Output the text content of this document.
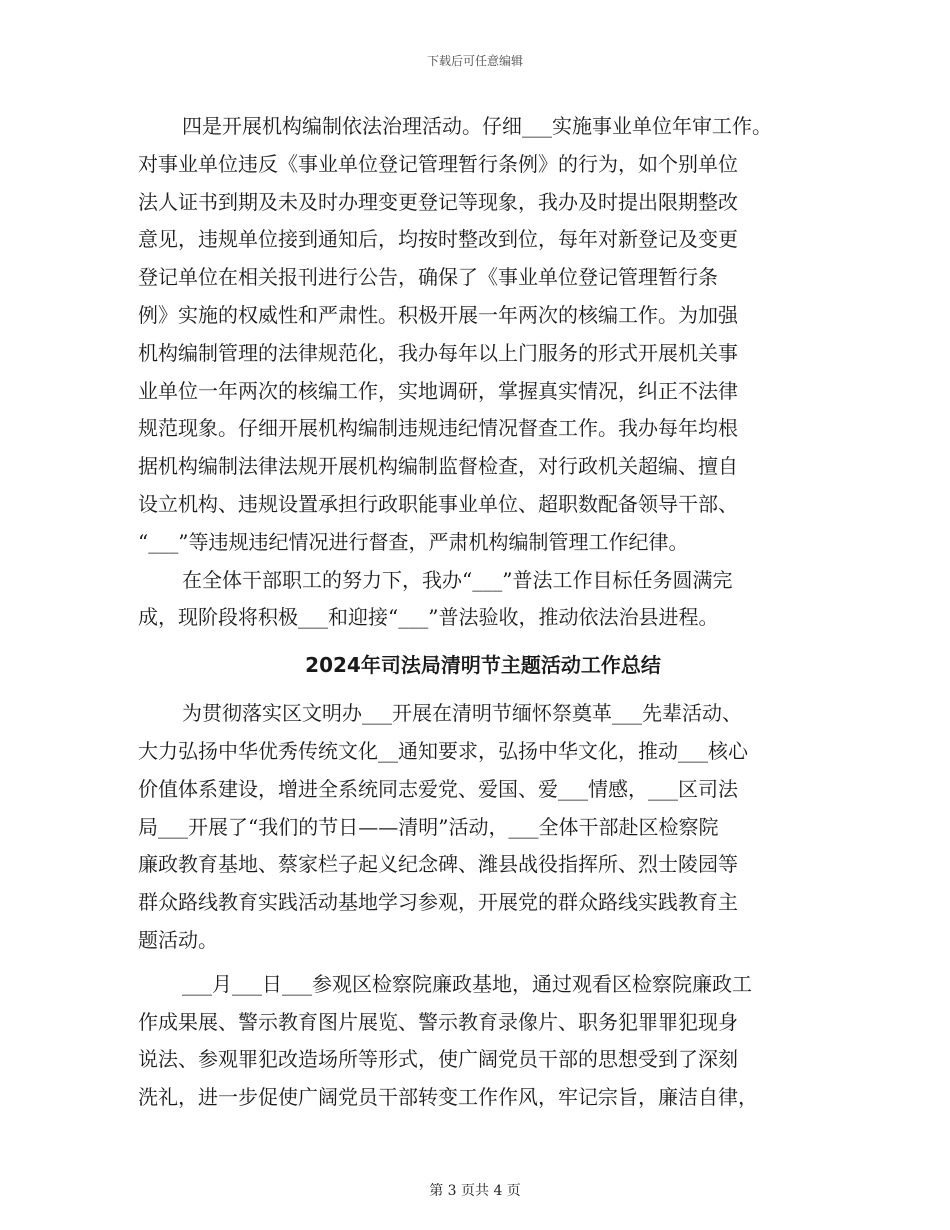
下载后可任意编辑

四是开展机构编制依法治理活动。仔细___实施事业单位年审工作。

对事业单位违反《事业单位登记管理暂行条例》的行为，如个别单位

法人证书到期及未及时办理变更登记等现象，我办及时提出限期整改

意见，违规单位接到通知后，均按时整改到位，每年对新登记及变更

登记单位在相关报刊进行公告，确保了《事业单位登记管理暂行条

例》实施的权威性和严肃性。积极开展一年两次的核编工作。为加强

机构编制管理的法律规范化，我办每年以上门服务的形式开展机关事

业单位一年两次的核编工作，实地调研，掌握真实情况，纠正不法律

规范现象。仔细开展机构编制违规违纪情况督查工作。我办每年均根

据机构编制法律法规开展机构编制监督检查，对行政机关超编、擅自

设立机构、违规设置承担行政职能事业单位、超职数配备领导干部、

“___”等违规违纪情况进行督查，严肃机构编制管理工作纪律。

在全体干部职工的努力下，我办“___”普法工作目标任务圆满完

成，现阶段将积极___和迎接“___”普法验收，推动依法治县进程。

2024年司法局清明节主题活动工作总结

为贯彻落实区文明办___开展在清明节缅怀祭奠革___先辈活动、

大力弘扬中华优秀传统文化__通知要求，弘扬中华文化，推动___核心

价值体系建设，增进全系统同志爱党、爱国、爱___情感，___区司法

局___开展了“我们的节日——清明”活动，___全体干部赴区检察院

廉政教育基地、蔡家栏子起义纪念碑、潍县战役指挥所、烈士陵园等

群众路线教育实践活动基地学习参观，开展党的群众路线实践教育主

题活动。

___月___日___参观区检察院廉政基地，通过观看区检察院廉政工

作成果展、警示教育图片展览、警示教育录像片、职务犯罪罪犯现身

说法、参观罪犯改造场所等形式，使广阔党员干部的思想受到了深刻

洗礼，进一步促使广阔党员干部转变工作作风，牢记宗旨，廉洁自律，

第 3 页共 4 页
